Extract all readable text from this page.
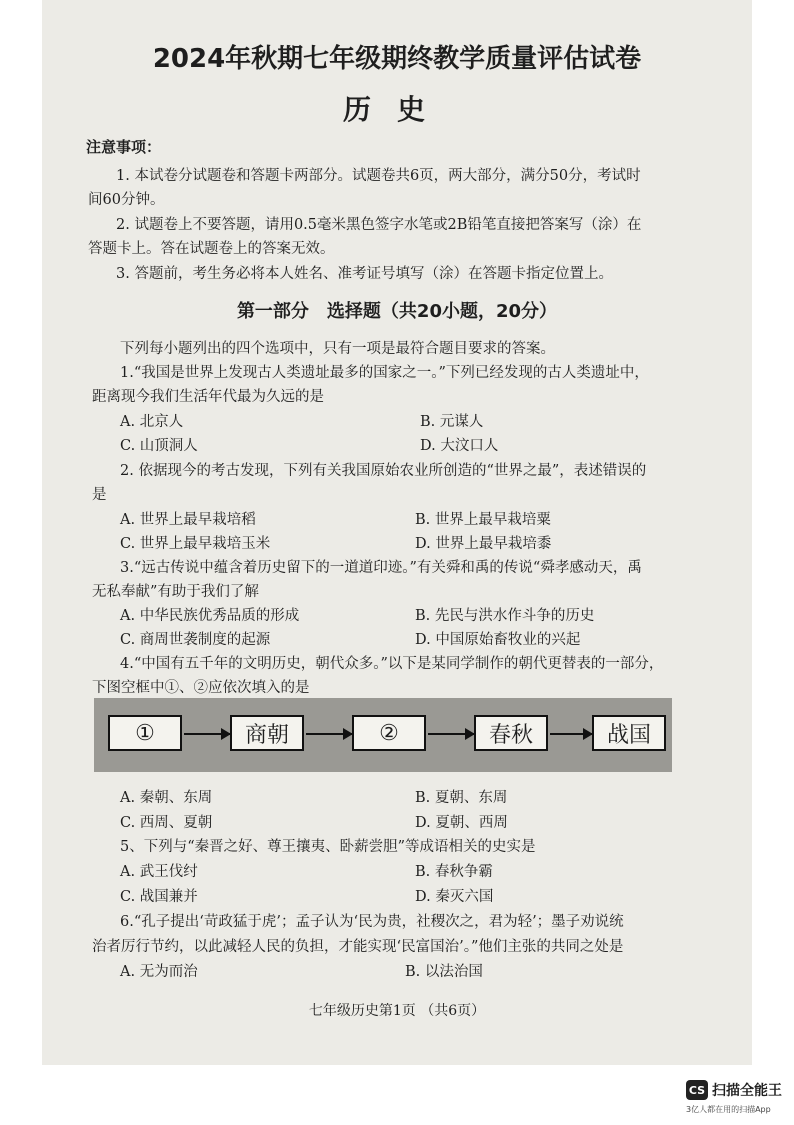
2024年秋期七年级期终教学质量评估试卷
历史
注意事项：
1. 本试卷分试题卷和答题卡两部分。试题卷共6页，两大部分，满分50分，考试时
间60分钟。
2. 试题卷上不要答题，请用0.5毫米黑色签字水笔或2B铅笔直接把答案写（涂）在
答题卡上。答在试题卷上的答案无效。
3. 答题前，考生务必将本人姓名、准考证号填写（涂）在答题卡指定位置上。
第一部分　选择题（共20小题，20分）
下列每小题列出的四个选项中，只有一项是最符合题目要求的答案。
1.“我国是世界上发现古人类遗址最多的国家之一。”下列已经发现的古人类遗址中，
距离现今我们生活年代最为久远的是
A. 北京人	B. 元谋人
C. 山顶洞人	D. 大汶口人
2. 依据现今的考古发现，下列有关我国原始农业所创造的“世界之最”，表述错误的
是
A. 世界上最早栽培稻	B. 世界上最早栽培粟
C. 世界上最早栽培玉米	D. 世界上最早栽培黍
3.“远古传说中蕴含着历史留下的一道道印迹。”有关舜和禹的传说“舜孝感动天，禹
无私奉献”有助于我们了解
A. 中华民族优秀品质的形成	B. 先民与洪水作斗争的历史
C. 商周世袭制度的起源	D. 中国原始畜牧业的兴起
4.“中国有五千年的文明历史，朝代众多。”以下是某同学制作的朝代更替表的一部分，
下图空框中①、②应依次填入的是
①	商朝	②	春秋	战国
A. 秦朝、东周	B. 夏朝、东周
C. 西周、夏朝	D. 夏朝、西周
5、下列与“秦晋之好、尊王攘夷、卧薪尝胆”等成语相关的史实是
A. 武王伐纣	B. 春秋争霸
C. 战国兼并	D. 秦灭六国
6.“孔子提出‘苛政猛于虎’；孟子认为‘民为贵，社稷次之，君为轻’；墨子劝说统
治者厉行节约，以此减轻人民的负担，才能实现‘民富国治’。”他们主张的共同之处是
A. 无为而治	B. 以法治国
七年级历史第1页 （共6页）
CS 扫描全能王
3亿人都在用的扫描App
